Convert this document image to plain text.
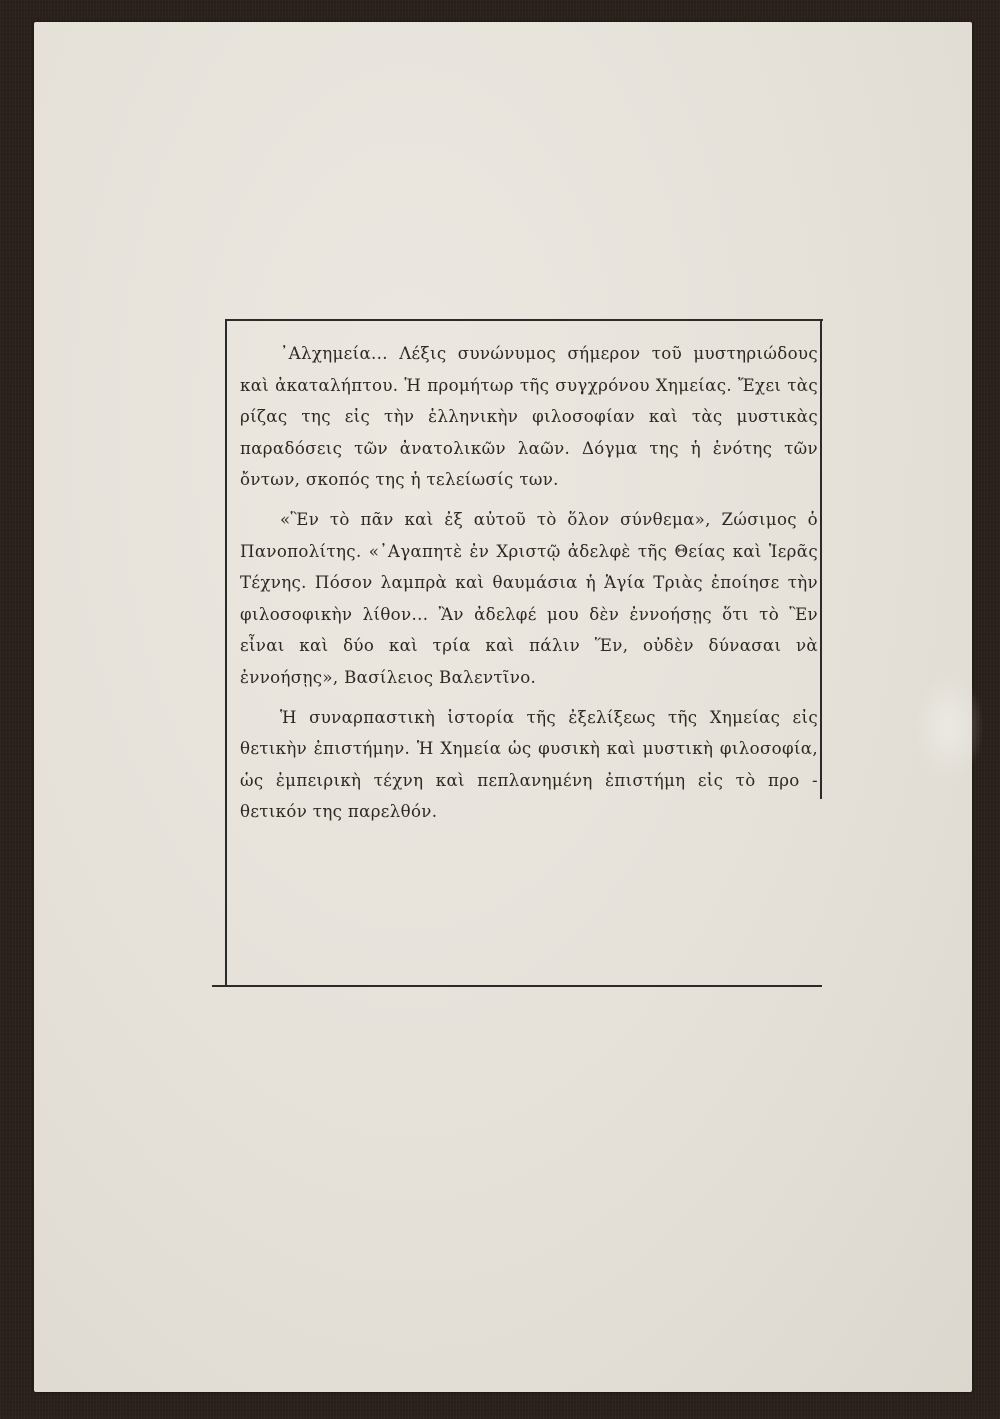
᾿Αλχημεία... Λέξις συνώνυμος σήμερον τοῦ μυστηριώδους καὶ ἀκαταλήπτου. Ἡ προμήτωρ τῆς συγχρόνου Χημείας. Ἔχει τὰς ρίζας της εἰς τὴν ἑλληνικὴν φιλοσοφίαν καὶ τὰς μυστικὰς παραδόσεις τῶν ἀνατολικῶν λαῶν. Δόγμα της ἡ ἑνότης τῶν ὄντων, σκοπός της ἡ τελείωσίς των.

«Ἓν τὸ πᾶν καὶ ἐξ αὐτοῦ τὸ ὅλον σύνθεμα», Ζώσιμος ὁ Πανοπολίτης. «᾿Αγαπητὲ ἐν Χριστῷ ἀδελφὲ τῆς Θείας καὶ Ἱερᾶς Τέχνης. Πόσον λαμπρὰ καὶ θαυμάσια ἡ Ἁγία Τριὰς ἐποίησε τὴν φιλοσοφικὴν λίθον... Ἂν ἀδελφέ μου δὲν ἐννοήσῃς ὅτι τὸ Ἓν εἶναι καὶ δύο καὶ τρία καὶ πάλιν Ἕν, οὐδὲν δύνασαι νὰ ἐννοήσῃς», Βασίλειος Βαλεντῖνο.

Ἡ συναρπαστικὴ ἱστορία τῆς ἐξελίξεως τῆς Χημείας εἰς θετικὴν ἐπιστήμην. Ἡ Χημεία ὡς φυσικὴ καὶ μυστικὴ φιλοσοφία, ὡς ἐμπειρικὴ τέχνη καὶ πεπλανημένη ἐπιστήμη εἰς τὸ προ - θετικόν της παρελθόν.
